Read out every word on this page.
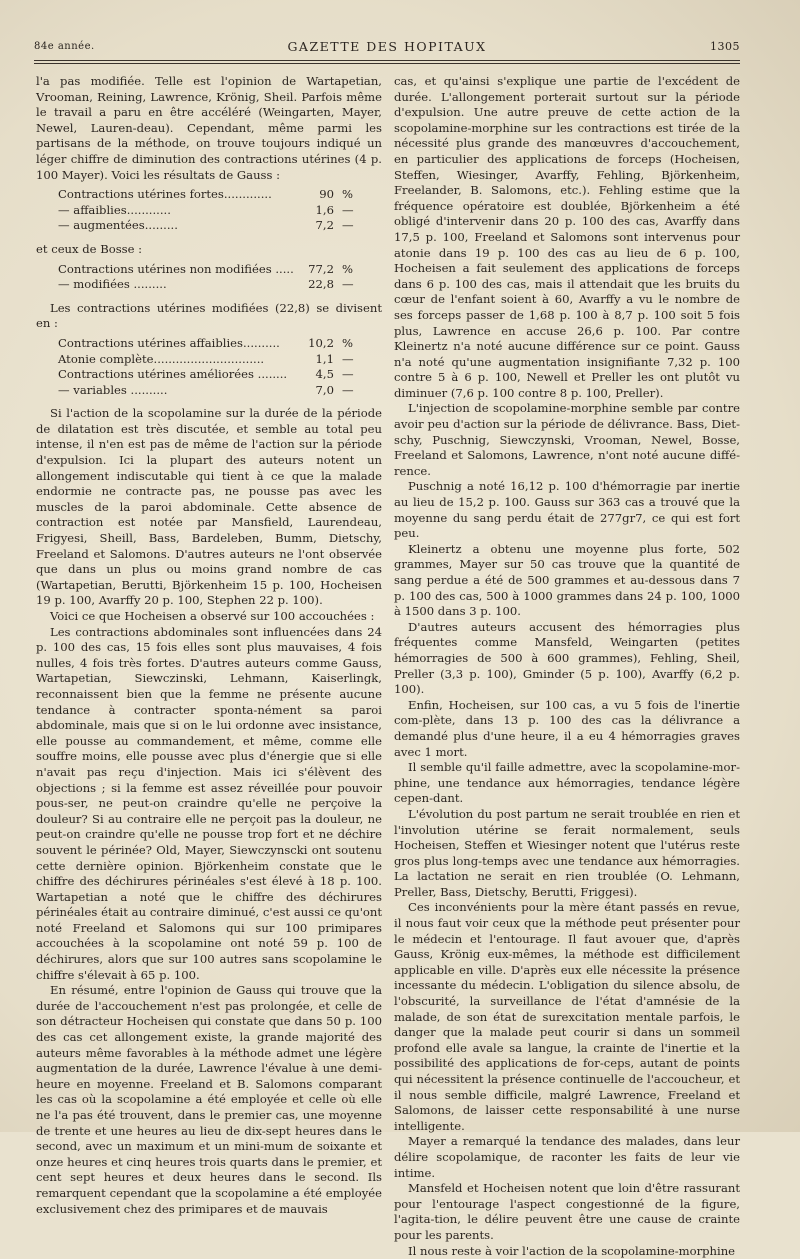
84e année.	GAZETTE DES HOPITAUX	1305

l'a pas modifiée. Telle est l'opinion de Wartapetian, Vrooman, Reining, Lawrence, Krönig, Sheil. Parfois même le travail a paru en être accéléré (Weingarten, Mayer, Newel, Lauren-deau). Cependant, même parmi les partisans de la méthode, on trouve toujours indiqué un léger chiffre de diminution des contractions utérines (4 p. 100 Mayer). Voici les résultats de Gauss :

Contractions utérines fortes.............	90	%
— affaiblies............	1,6	—
— augmentées.........	7,2	—

et ceux de Bosse :

Contractions utérines non modifiées .....	77,2	%
— modifiées .........	22,8	—

Les contractions utérines modifiées (22,8) se divisent en :

Contractions utérines affaiblies..........	10,2	%
Atonie complète..............................	1,1	—
Contractions utérines améliorées ........	4,5	—
— variables ..........	7,0	—

Si l'action de la scopolamine sur la durée de la période de dilatation est très discutée, et semble au total peu intense, il n'en est pas de même de l'action sur la période d'expulsion. Ici la plupart des auteurs notent un allongement indiscutable qui tient à ce que la malade endormie ne contracte pas, ne pousse pas avec les muscles de la paroi abdominale. Cette absence de contraction est notée par Mansfield, Laurendeau, Frigyesi, Sheill, Bass, Bardeleben, Bumm, Dietschy, Freeland et Salomons. D'autres auteurs ne l'ont observée que dans un plus ou moins grand nombre de cas (Wartapetian, Berutti, Björkenheim 15 p. 100, Hocheisen 19 p. 100, Avarffy 20 p. 100, Stephen 22 p. 100).

Voici ce que Hocheisen a observé sur 100 accouchées :

Les contractions abdominales sont influencées dans 24 p. 100 des cas, 15 fois elles sont plus mauvaises, 4 fois nulles, 4 fois très fortes. D'autres auteurs comme Gauss, Wartapetian, Siewczinski, Lehmann, Kaiserlingk, reconnaissent bien que la femme ne présente aucune tendance à contracter sponta-nément sa paroi abdominale, mais que si on le lui ordonne avec insistance, elle pousse au commandement, et même, comme elle souffre moins, elle pousse avec plus d'énergie que si elle n'avait pas reçu d'injection. Mais ici s'élèvent des objections ; si la femme est assez réveillée pour pouvoir pous-ser, ne peut-on craindre qu'elle ne perçoive la douleur? Si au contraire elle ne perçoit pas la douleur, ne peut-on craindre qu'elle ne pousse trop fort et ne déchire souvent le périnée? Old, Mayer, Siewczynscki ont soutenu cette dernière opinion. Björkenheim constate que le chiffre des déchirures périnéales s'est élevé à 18 p. 100. Wartapetian a noté que le chiffre des déchirures périnéales était au contraire diminué, c'est aussi ce qu'ont noté Freeland et Salomons qui sur 100 primipares accouchées à la scopolamine ont noté 59 p. 100 de déchirures, alors que sur 100 autres sans scopolamine le chiffre s'élevait à 65 p. 100.

En résumé, entre l'opinion de Gauss qui trouve que la durée de l'accouchement n'est pas prolongée, et celle de son détracteur Hocheisen qui constate que dans 50 p. 100 des cas cet allongement existe, la grande majorité des auteurs même favorables à la méthode admet une légère augmentation de la durée, Lawrence l'évalue à une demi-heure en moyenne. Freeland et B. Salomons comparant les cas où la scopolamine a été employée et celle où elle ne l'a pas été trouvent, dans le premier cas, une moyenne de trente et une heures au lieu de dix-sept heures dans le second, avec un maximum et un mini-mum de soixante et onze heures et cinq heures trois quarts dans le premier, et cent sept heures et deux heures dans le second. Ils remarquent cependant que la scopolamine a été employée exclusivement chez des primipares et de mauvais

cas, et qu'ainsi s'explique une partie de l'excédent de durée. L'allongement porterait surtout sur la période d'expulsion. Une autre preuve de cette action de la scopolamine-morphine sur les contractions est tirée de la nécessité plus grande des manœuvres d'accouchement, en particulier des applications de forceps (Hocheisen, Steffen, Wiesinger, Avarffy, Fehling, Björkenheim, Freelander, B. Salomons, etc.). Fehling estime que la fréquence opératoire est doublée, Björkenheim a été obligé d'intervenir dans 20 p. 100 des cas, Avarffy dans 17,5 p. 100, Freeland et Salomons sont intervenus pour atonie dans 19 p. 100 des cas au lieu de 6 p. 100, Hocheisen a fait seulement des applications de forceps dans 6 p. 100 des cas, mais il attendait que les bruits du cœur de l'enfant soient à 60, Avarffy a vu le nombre de ses forceps passer de 1,68 p. 100 à 8,7 p. 100 soit 5 fois plus, Lawrence en accuse 26,6 p. 100. Par contre Kleinertz n'a noté aucune différence sur ce point. Gauss n'a noté qu'une augmentation insignifiante 7,32 p. 100 contre 5 à 6 p. 100, Newell et Preller les ont plutôt vu diminuer (7,6 p. 100 contre 8 p. 100, Preller).

L'injection de scopolamine-morphine semble par contre avoir peu d'action sur la période de délivrance. Bass, Diet-schy, Puschnig, Siewczynski, Vrooman, Newel, Bosse, Freeland et Salomons, Lawrence, n'ont noté aucune diffé-rence.

Puschnig a noté 16,12 p. 100 d'hémorragie par inertie au lieu de 15,2 p. 100. Gauss sur 363 cas a trouvé que la moyenne du sang perdu était de 277gr7, ce qui est fort peu.

Kleinertz a obtenu une moyenne plus forte, 502 grammes, Mayer sur 50 cas trouve que la quantité de sang perdue a été de 500 grammes et au-dessous dans 7 p. 100 des cas, 500 à 1000 grammes dans 24 p. 100, 1000 à 1500 dans 3 p. 100.

D'autres auteurs accusent des hémorragies plus fréquentes comme Mansfeld, Weingarten (petites hémorragies de 500 à 600 grammes), Fehling, Sheil, Preller (3,3 p. 100), Gminder (5 p. 100), Avarffy (6,2 p. 100).

Enfin, Hocheisen, sur 100 cas, a vu 5 fois de l'inertie com-plète, dans 13 p. 100 des cas la délivrance a demandé plus d'une heure, il a eu 4 hémorragies graves avec 1 mort.

Il semble qu'il faille admettre, avec la scopolamine-mor-phine, une tendance aux hémorragies, tendance légère cepen-dant.

L'évolution du post partum ne serait troublée en rien et l'involution utérine se ferait normalement, seuls Hocheisen, Steffen et Wiesinger notent que l'utérus reste gros plus long-temps avec une tendance aux hémorragies. La lactation ne serait en rien troublée (O. Lehmann, Preller, Bass, Dietschy, Berutti, Friggesi).

Ces inconvénients pour la mère étant passés en revue, il nous faut voir ceux que la méthode peut présenter pour le médecin et l'entourage. Il faut avouer que, d'après Gauss, Krönig eux-mêmes, la méthode est difficilement applicable en ville. D'après eux elle nécessite la présence incessante du médecin. L'obligation du silence absolu, de l'obscurité, la surveillance de l'état d'amnésie de la malade, de son état de surexcitation mentale parfois, le danger que la malade peut courir si dans un sommeil profond elle avale sa langue, la crainte de l'inertie et la possibilité des applications de for-ceps, autant de points qui nécessitent la présence continuelle de l'accoucheur, et il nous semble difficile, malgré Lawrence, Freeland et Salomons, de laisser cette responsabilité à une nurse intelligente.

Mayer a remarqué la tendance des malades, dans leur délire scopolamique, de raconter les faits de leur vie intime.

Mansfeld et Hocheisen notent que loin d'être rassurant pour l'entourage l'aspect congestionné de la figure, l'agita-tion, le délire peuvent être une cause de crainte pour les parents.

Il nous reste à voir l'action de la scopolamine-morphine
